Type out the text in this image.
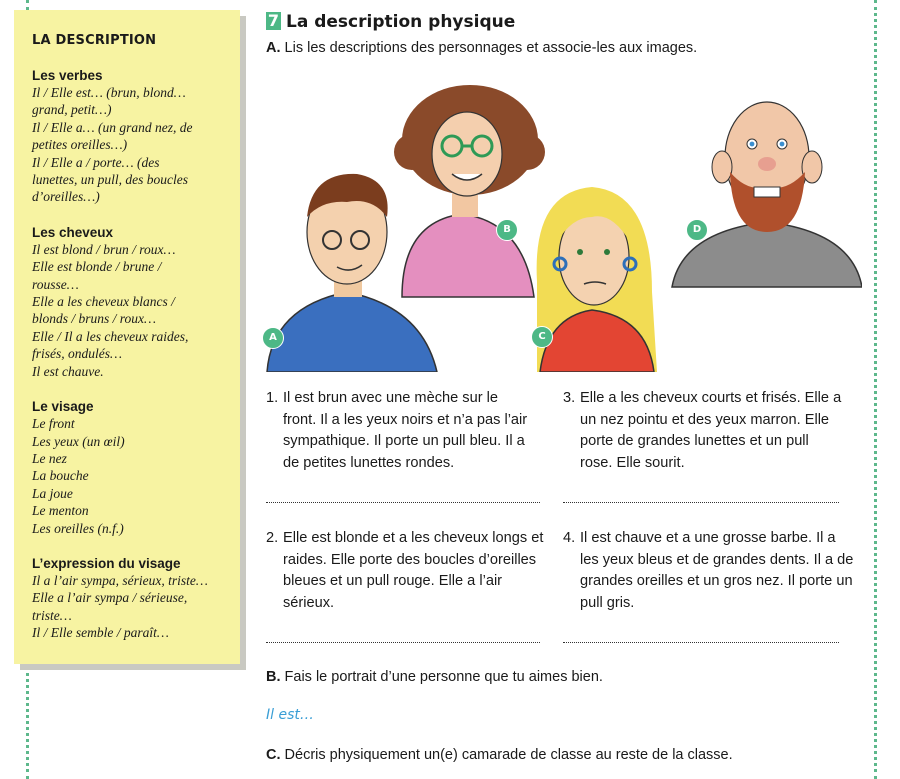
LA DESCRIPTION

Les verbes

Il / Elle est… (brun, blond…

grand, petit…)

Il / Elle a… (un grand nez, de

petites oreilles…)

Il / Elle a / porte… (des

lunettes, un pull, des boucles

d’oreilles…)

Les cheveux

Il est blond / brun / roux…

Elle est blonde / brune /

rousse…

Elle a les cheveux blancs /

blonds / bruns / roux…

Elle / Il a les cheveux raides,

frisés, ondulés…

Il est chauve.

Le visage

Le front

Les yeux (un œil)

Le nez

La bouche

La joue

Le menton

Les oreilles (n.f.)

L’expression du visage

Il a l’air sympa, sérieux, triste…

Elle a l’air sympa / sérieuse,

triste…

Il / Elle semble / paraît…

7 La description physique
A. Lis les descriptions des personnages et associe-les aux images.
A
B
C
D
1. Il est brun avec une mèche sur le
front. Il a les yeux noirs et n’a pas l’air
sympathique. Il porte un pull bleu. Il a
de petites lunettes rondes.
3. Elle a les cheveux courts et frisés. Elle a
un nez pointu et des yeux marron. Elle
porte de grandes lunettes et un pull
rose. Elle sourit.
2. Elle est blonde et a les cheveux longs et
raides. Elle porte des boucles d’oreilles
bleues et un pull rouge. Elle a l’air
sérieux.
4. Il est chauve et a une grosse barbe. Il a
les yeux bleus et de grandes dents. Il a de
grandes oreilles et un gros nez. Il porte un
pull gris.
B. Fais le portrait d’une personne que tu aimes bien.
Il est…
C. Décris physiquement un(e) camarade de classe au reste de la classe.
